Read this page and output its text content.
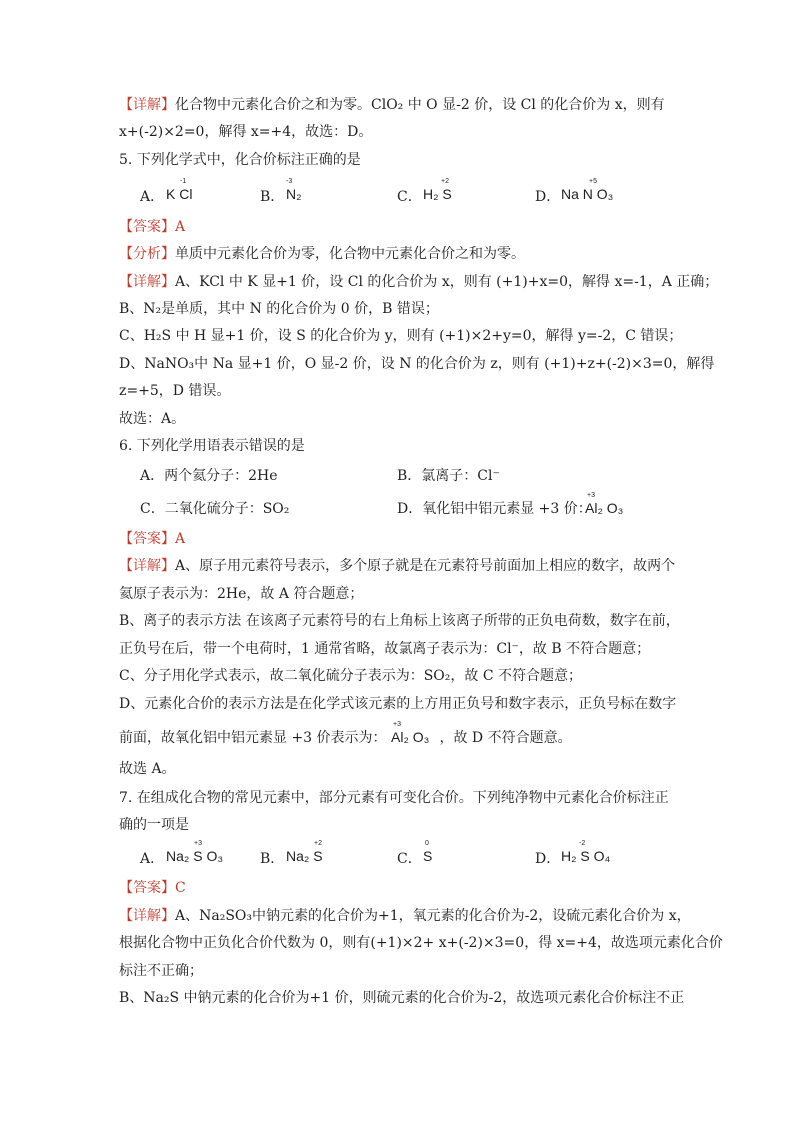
【详解】化合物中元素化合价之和为零。ClO₂ 中 O 显-2 价，设 Cl 的化合价为 x，则有
x+(-2)×2=0，解得 x=+4，故选：D。
5. 下列化学式中，化合价标注正确的是
A．
-1
K Cl	B．
-3
N₂	C．
+2
H₂ S	D．
+5
Na N O₃
【答案】A
【分析】单质中元素化合价为零，化合物中元素化合价之和为零。
【详解】A、KCl 中 K 显+1 价，设 Cl 的化合价为 x，则有 (+1)+x=0，解得 x=-1，A 正确；
B、N₂是单质，其中 N 的化合价为 0 价，B 错误；
C、H₂S 中 H 显+1 价，设 S 的化合价为 y，则有 (+1)×2+y=0，解得 y=-2，C 错误；
D、NaNO₃中 Na 显+1 价，O 显-2 价，设 N 的化合价为 z，则有 (+1)+z+(-2)×3=0，解得
z=+5，D 错误。
故选：A。
6. 下列化学用语表示错误的是
A．两个氦分子：2He	B．氯离子：Cl⁻
C．二氧化硫分子：SO₂	D．氧化铝中铝元素显 +3 价：
+3
Al₂ O₃
【答案】A
【详解】A、原子用元素符号表示，多个原子就是在元素符号前面加上相应的数字，故两个
氦原子表示为：2He，故 A 符合题意；
B、离子的表示方法 在该离子元素符号的右上角标上该离子所带的正负电荷数，数字在前，
正负号在后，带一个电荷时，1 通常省略，故氯离子表示为：Cl⁻，故 B 不符合题意；
C、分子用化学式表示，故二氧化硫分子表示为：SO₂，故 C 不符合题意；
D、元素化合价的表示方法是在化学式该元素的上方用正负号和数字表示，正负号标在数字
前面，故氧化铝中铝元素显 +3 价表示为：
+3
Al₂ O₃ ，故 D 不符合题意。
故选 A。
7. 在组成化合物的常见元素中，部分元素有可变化合价。下列纯净物中元素化合价标注正
确的一项是
A．
+3
Na₂ S O₃	B．
+2
Na₂ S	C．
0
S	D．
-2
H₂ S O₄
【答案】C
【详解】A、Na₂SO₃中钠元素的化合价为+1，氧元素的化合价为-2，设硫元素化合价为 x，
根据化合物中正负化合价代数为 0，则有(+1)×2+ x+(-2)×3=0，得 x=+4，故选项元素化合价
标注不正确；
B、Na₂S 中钠元素的化合价为+1 价，则硫元素的化合价为-2，故选项元素化合价标注不正
